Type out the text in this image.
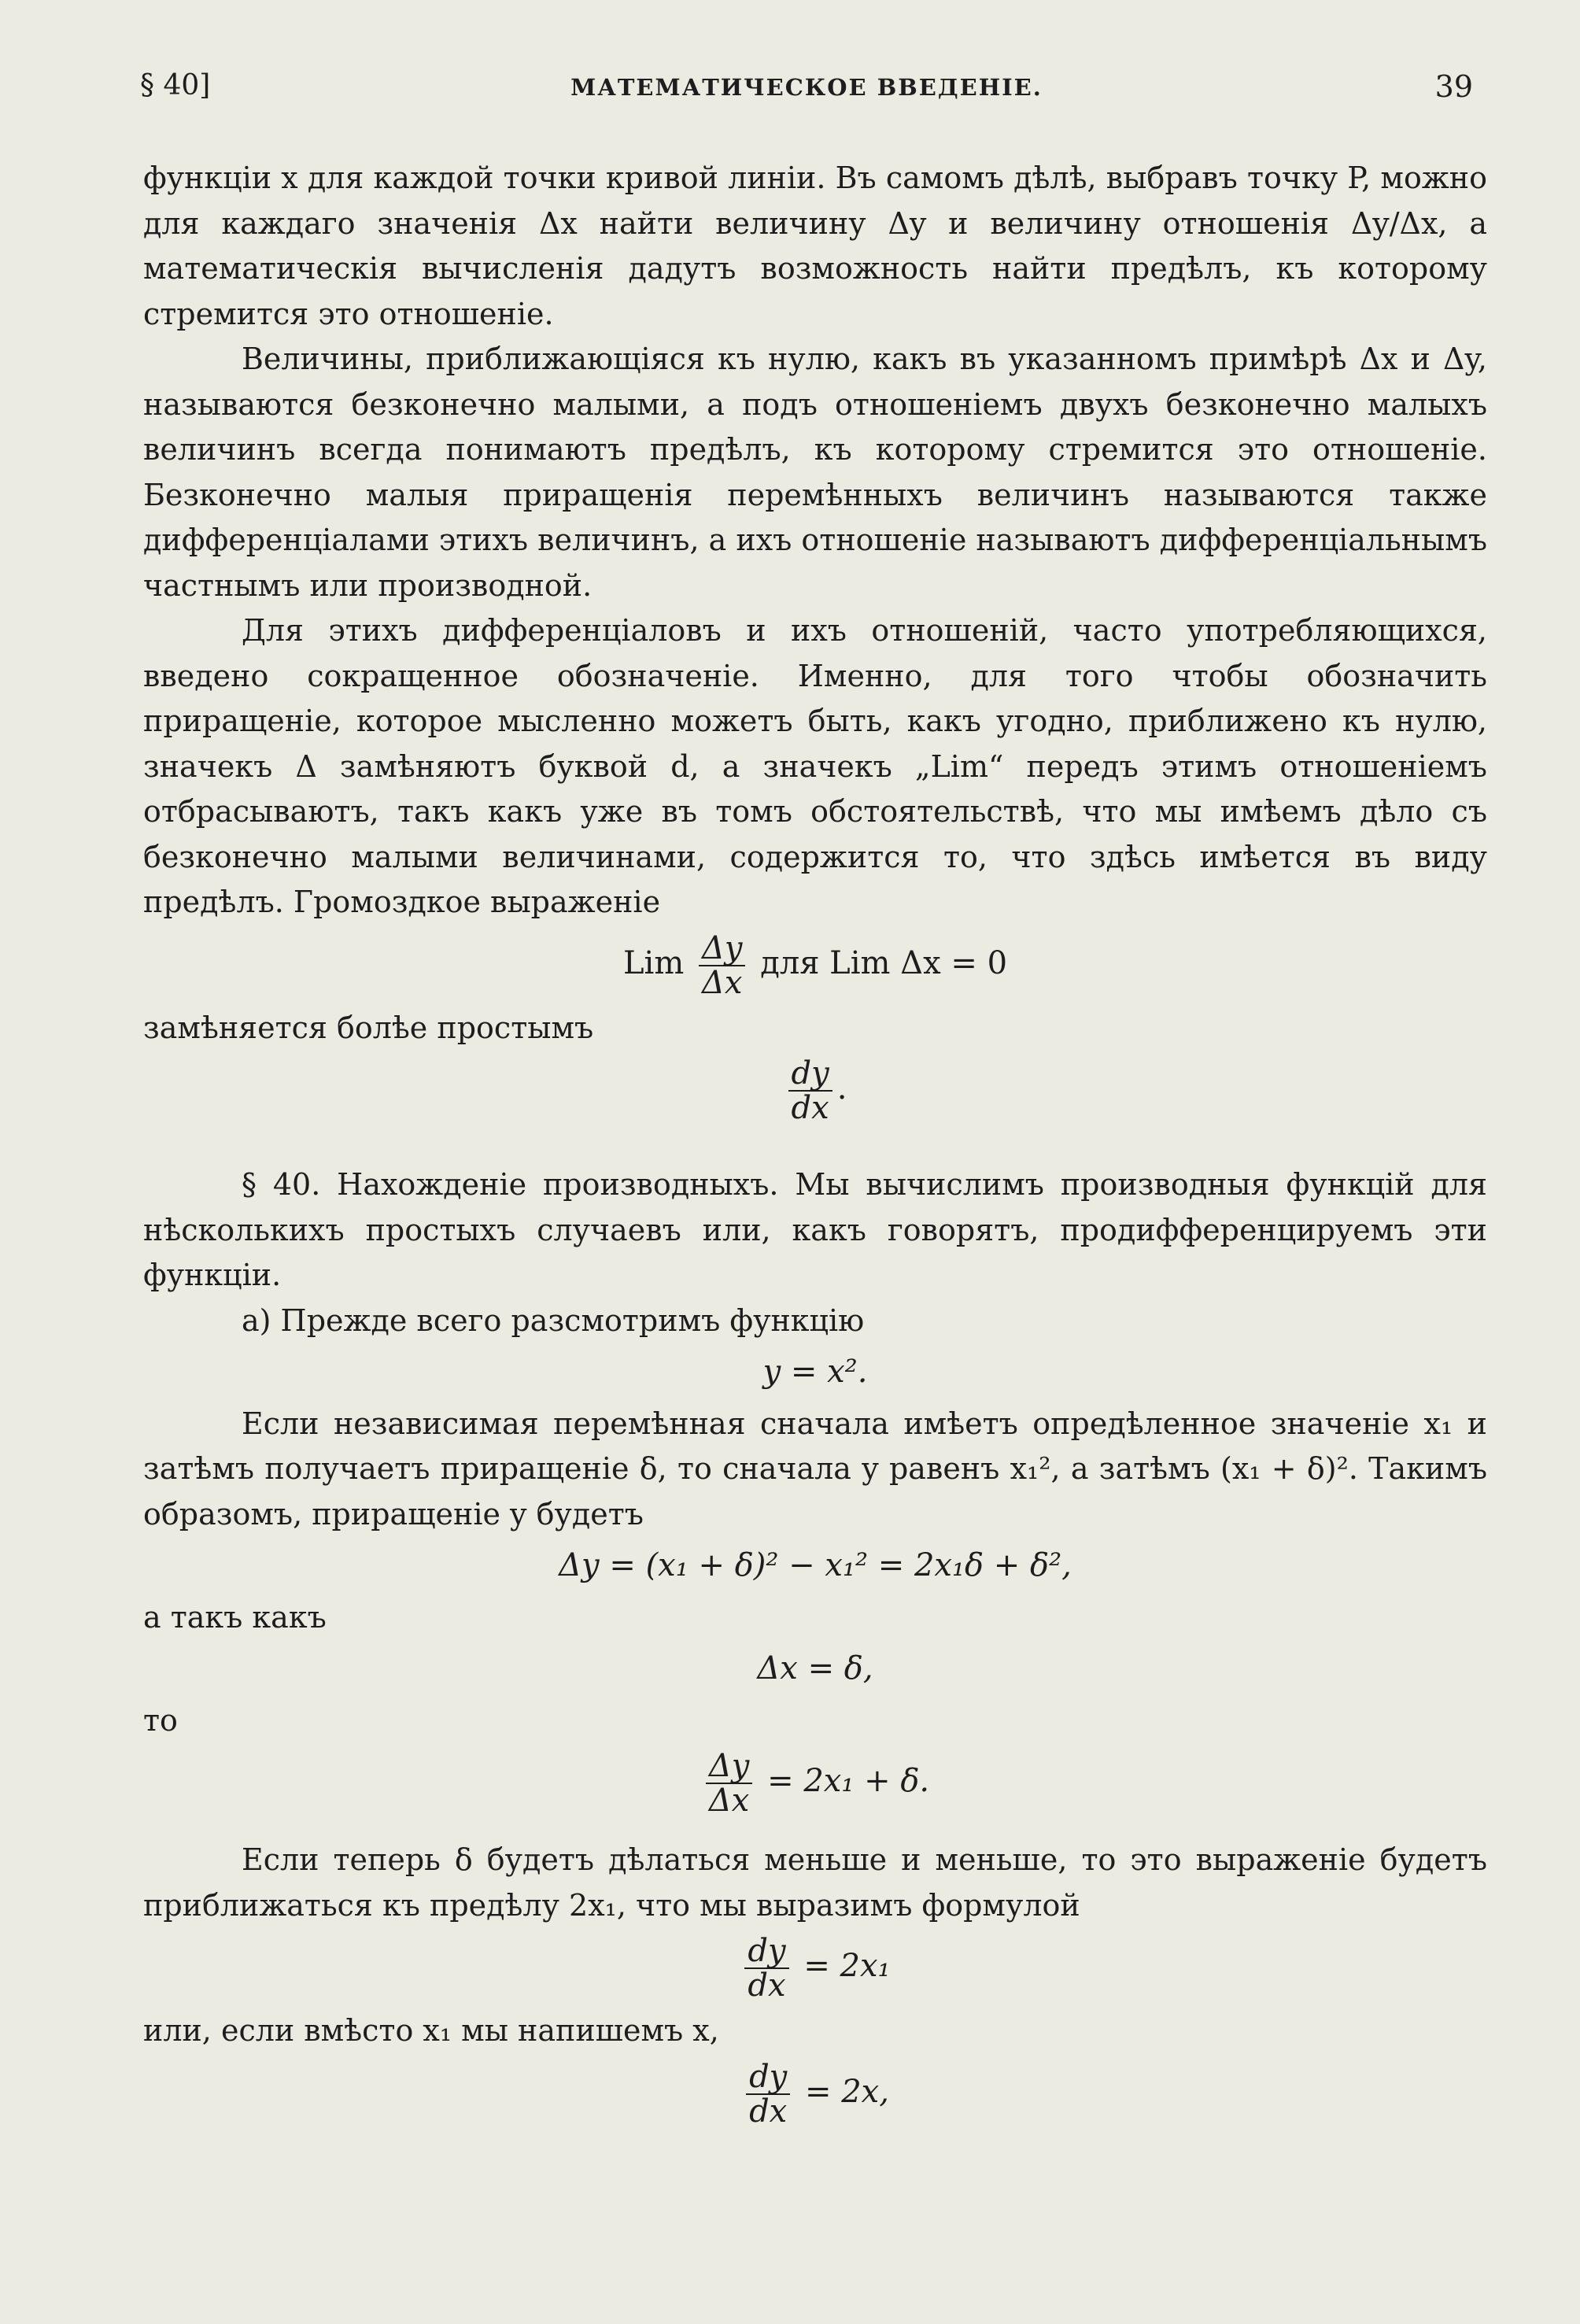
§ 40]	МАТЕМАТИЧЕСКОЕ ВВЕДЕНІЕ.	39

функціи x для каждой точки кривой линіи. Въ самомъ дѣлѣ, выбравъ точку P, можно для каждаго значенія Δx найти величину Δy и величину отношенія Δy/Δx, а математическія вычисленія дадутъ возможность найти предѣлъ, къ которому стремится это отношеніе.

Величины, приближающіяся къ нулю, какъ въ указанномъ примѣрѣ Δx и Δy, называются безконечно малыми, а подъ отношеніемъ двухъ безконечно малыхъ величинъ всегда понимаютъ предѣлъ, къ которому стремится это отношеніе. Безконечно малыя приращенія перемѣнныхъ величинъ называются также дифференціалами этихъ величинъ, а ихъ отношеніе называютъ дифференціальнымъ частнымъ или производной.

Для этихъ дифференціаловъ и ихъ отношеній, часто употребляющихся, введено сокращенное обозначеніе. Именно, для того чтобы обозначить приращеніе, которое мысленно можетъ быть, какъ угодно, приближено къ нулю, значекъ Δ замѣняютъ буквой d, а значекъ „Lim“ передъ этимъ отношеніемъ отбрасываютъ, такъ какъ уже въ томъ обстоятельствѣ, что мы имѣемъ дѣло съ безконечно малыми величинами, содержится то, что здѣсь имѣется въ виду предѣлъ. Громоздкое выраженіе

Lim $\frac{\Delta y}{\Delta x}$ для Lim Δx = 0

замѣняется болѣе простымъ

$\frac{dy}{dx}$ .

§ 40. Нахожденіе производныхъ. Мы вычислимъ производныя функцій для нѣсколькихъ простыхъ случаевъ или, какъ говорятъ, продифференцируемъ эти функціи.

а) Прежде всего разсмотримъ функцію

y = x².

Если независимая перемѣнная сначала имѣетъ опредѣленное значеніе x₁ и затѣмъ получаетъ приращеніе δ, то сначала y равенъ x₁², а затѣмъ (x₁ + δ)². Такимъ образомъ, приращеніе y будетъ

Δy = (x₁ + δ)² − x₁² = 2x₁δ + δ²,

а такъ какъ

Δx = δ,

то

$\frac{\Delta y}{\Delta x} = 2x_1 + \delta$.

Если теперь δ будетъ дѣлаться меньше и меньше, то это выраженіе будетъ приближаться къ предѣлу 2x₁, что мы выразимъ формулой

$\frac{dy}{dx} = 2x_1$

или, если вмѣсто x₁ мы напишемъ x,

$\frac{dy}{dx} = 2x$,
